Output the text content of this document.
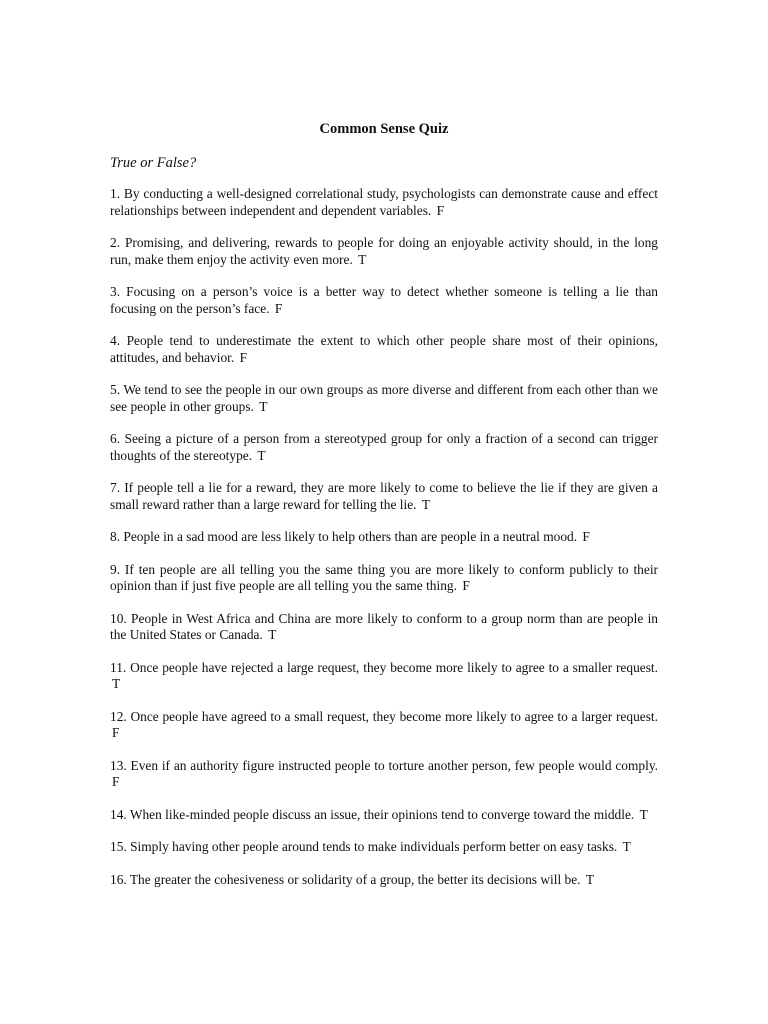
Common Sense Quiz
True or False?
1. By conducting a well-designed correlational study, psychologists can demonstrate cause and effect relationships between independent and dependent variables. F
2. Promising, and delivering, rewards to people for doing an enjoyable activity should, in the long run, make them enjoy the activity even more. T
3. Focusing on a person’s voice is a better way to detect whether someone is telling a lie than focusing on the person’s face. F
4. People tend to underestimate the extent to which other people share most of their opinions, attitudes, and behavior. F
5. We tend to see the people in our own groups as more diverse and different from each other than we see people in other groups. T
6. Seeing a picture of a person from a stereotyped group for only a fraction of a second can trigger thoughts of the stereotype. T
7. If people tell a lie for a reward, they are more likely to come to believe the lie if they are given a small reward rather than a large reward for telling the lie. T
8. People in a sad mood are less likely to help others than are people in a neutral mood. F
9. If ten people are all telling you the same thing you are more likely to conform publicly to their opinion than if just five people are all telling you the same thing. F
10. People in West Africa and China are more likely to conform to a group norm than are people in the United States or Canada. T
11. Once people have rejected a large request, they become more likely to agree to a smaller request. T
12. Once people have agreed to a small request, they become more likely to agree to a larger request. F
13. Even if an authority figure instructed people to torture another person, few people would comply. F
14. When like-minded people discuss an issue, their opinions tend to converge toward the middle. T
15. Simply having other people around tends to make individuals perform better on easy tasks. T
16. The greater the cohesiveness or solidarity of a group, the better its decisions will be. T
